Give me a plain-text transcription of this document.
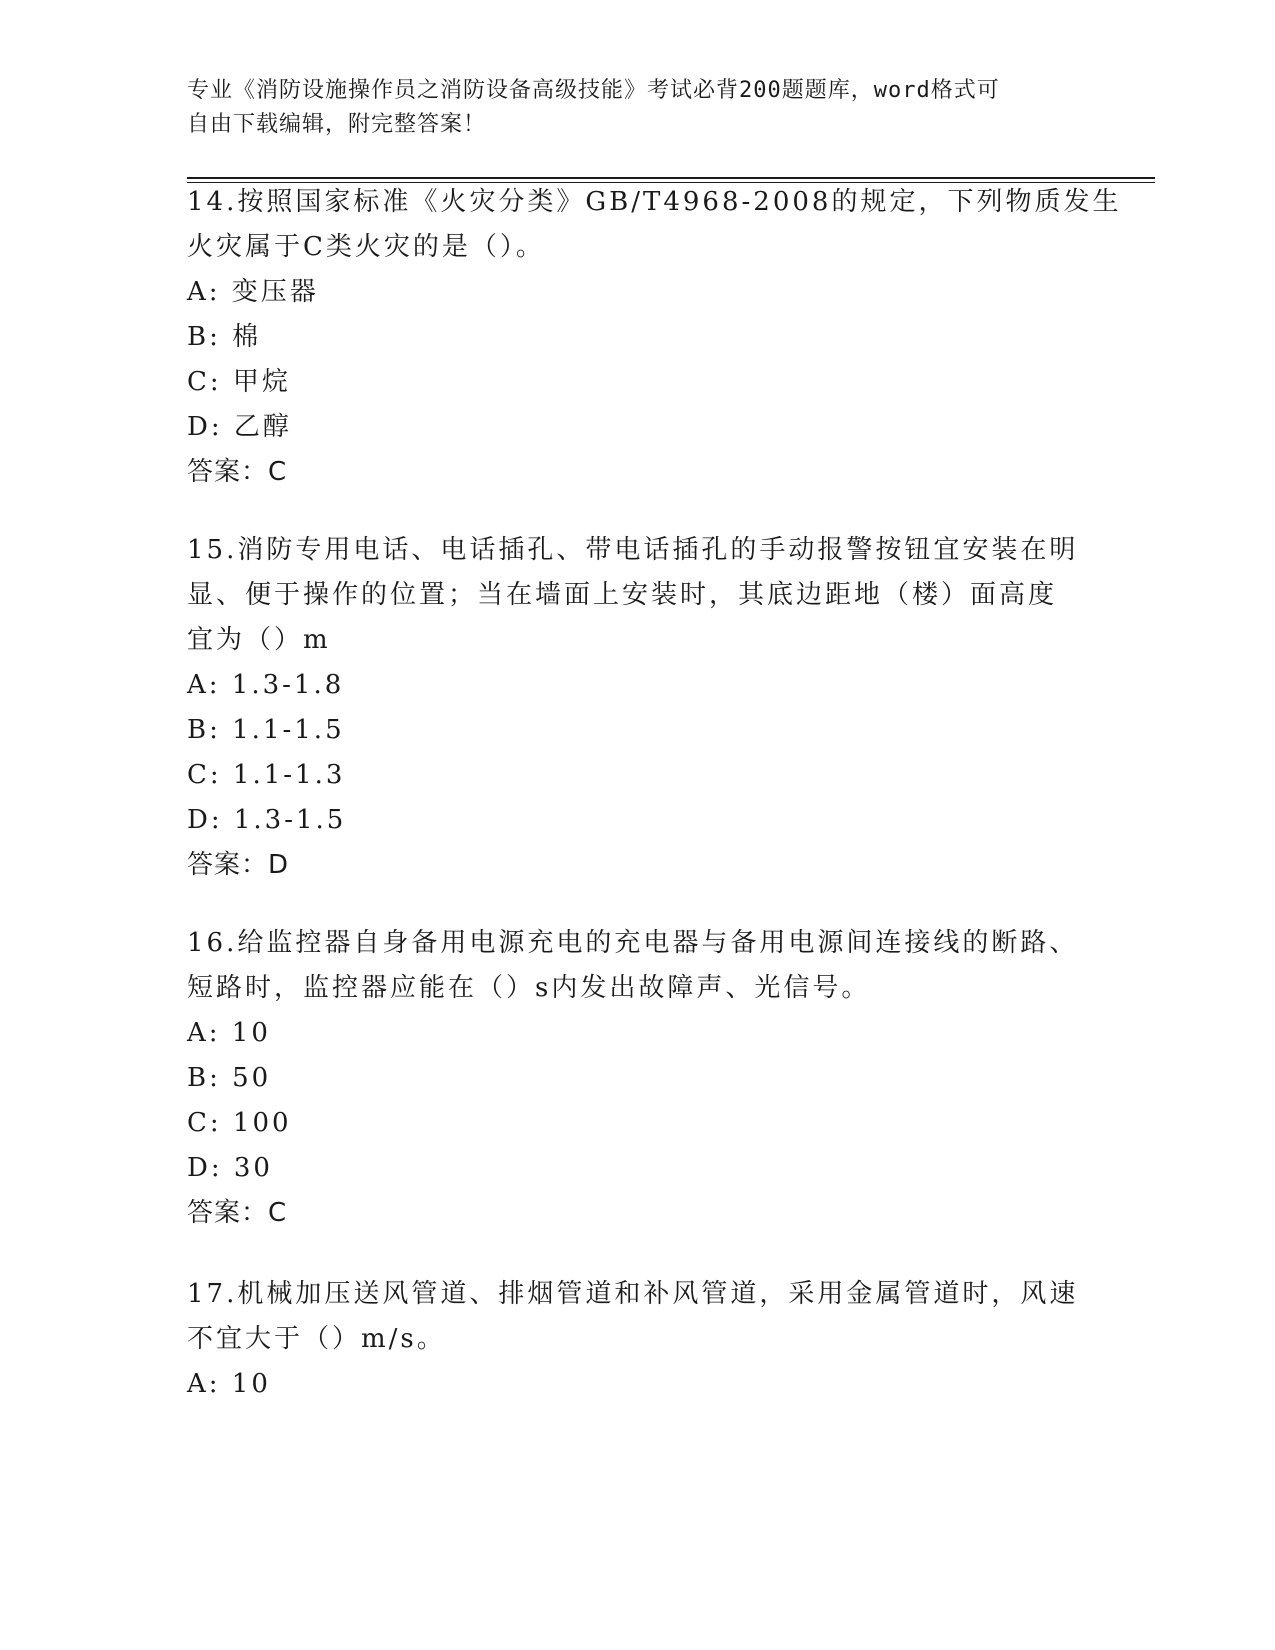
专业《消防设施操作员之消防设备高级技能》考试必背200题题库，word格式可
自由下载编辑，附完整答案！
14.按照国家标准《火灾分类》GB/T4968-2008的规定，下列物质发生
火灾属于C类火灾的是（）。
A: 变压器
B: 棉
C: 甲烷
D: 乙醇
答案：C
15.消防专用电话、电话插孔、带电话插孔的手动报警按钮宜安装在明
显、便于操作的位置；当在墙面上安装时，其底边距地（楼）面高度
宜为（）m
A: 1.3-1.8
B: 1.1-1.5
C: 1.1-1.3
D: 1.3-1.5
答案：D
16.给监控器自身备用电源充电的充电器与备用电源间连接线的断路、
短路时，监控器应能在（）s内发出故障声、光信号。
A: 10
B: 50
C: 100
D: 30
答案：C
17.机械加压送风管道、排烟管道和补风管道，采用金属管道时，风速
不宜大于（）m/s。
A: 10
